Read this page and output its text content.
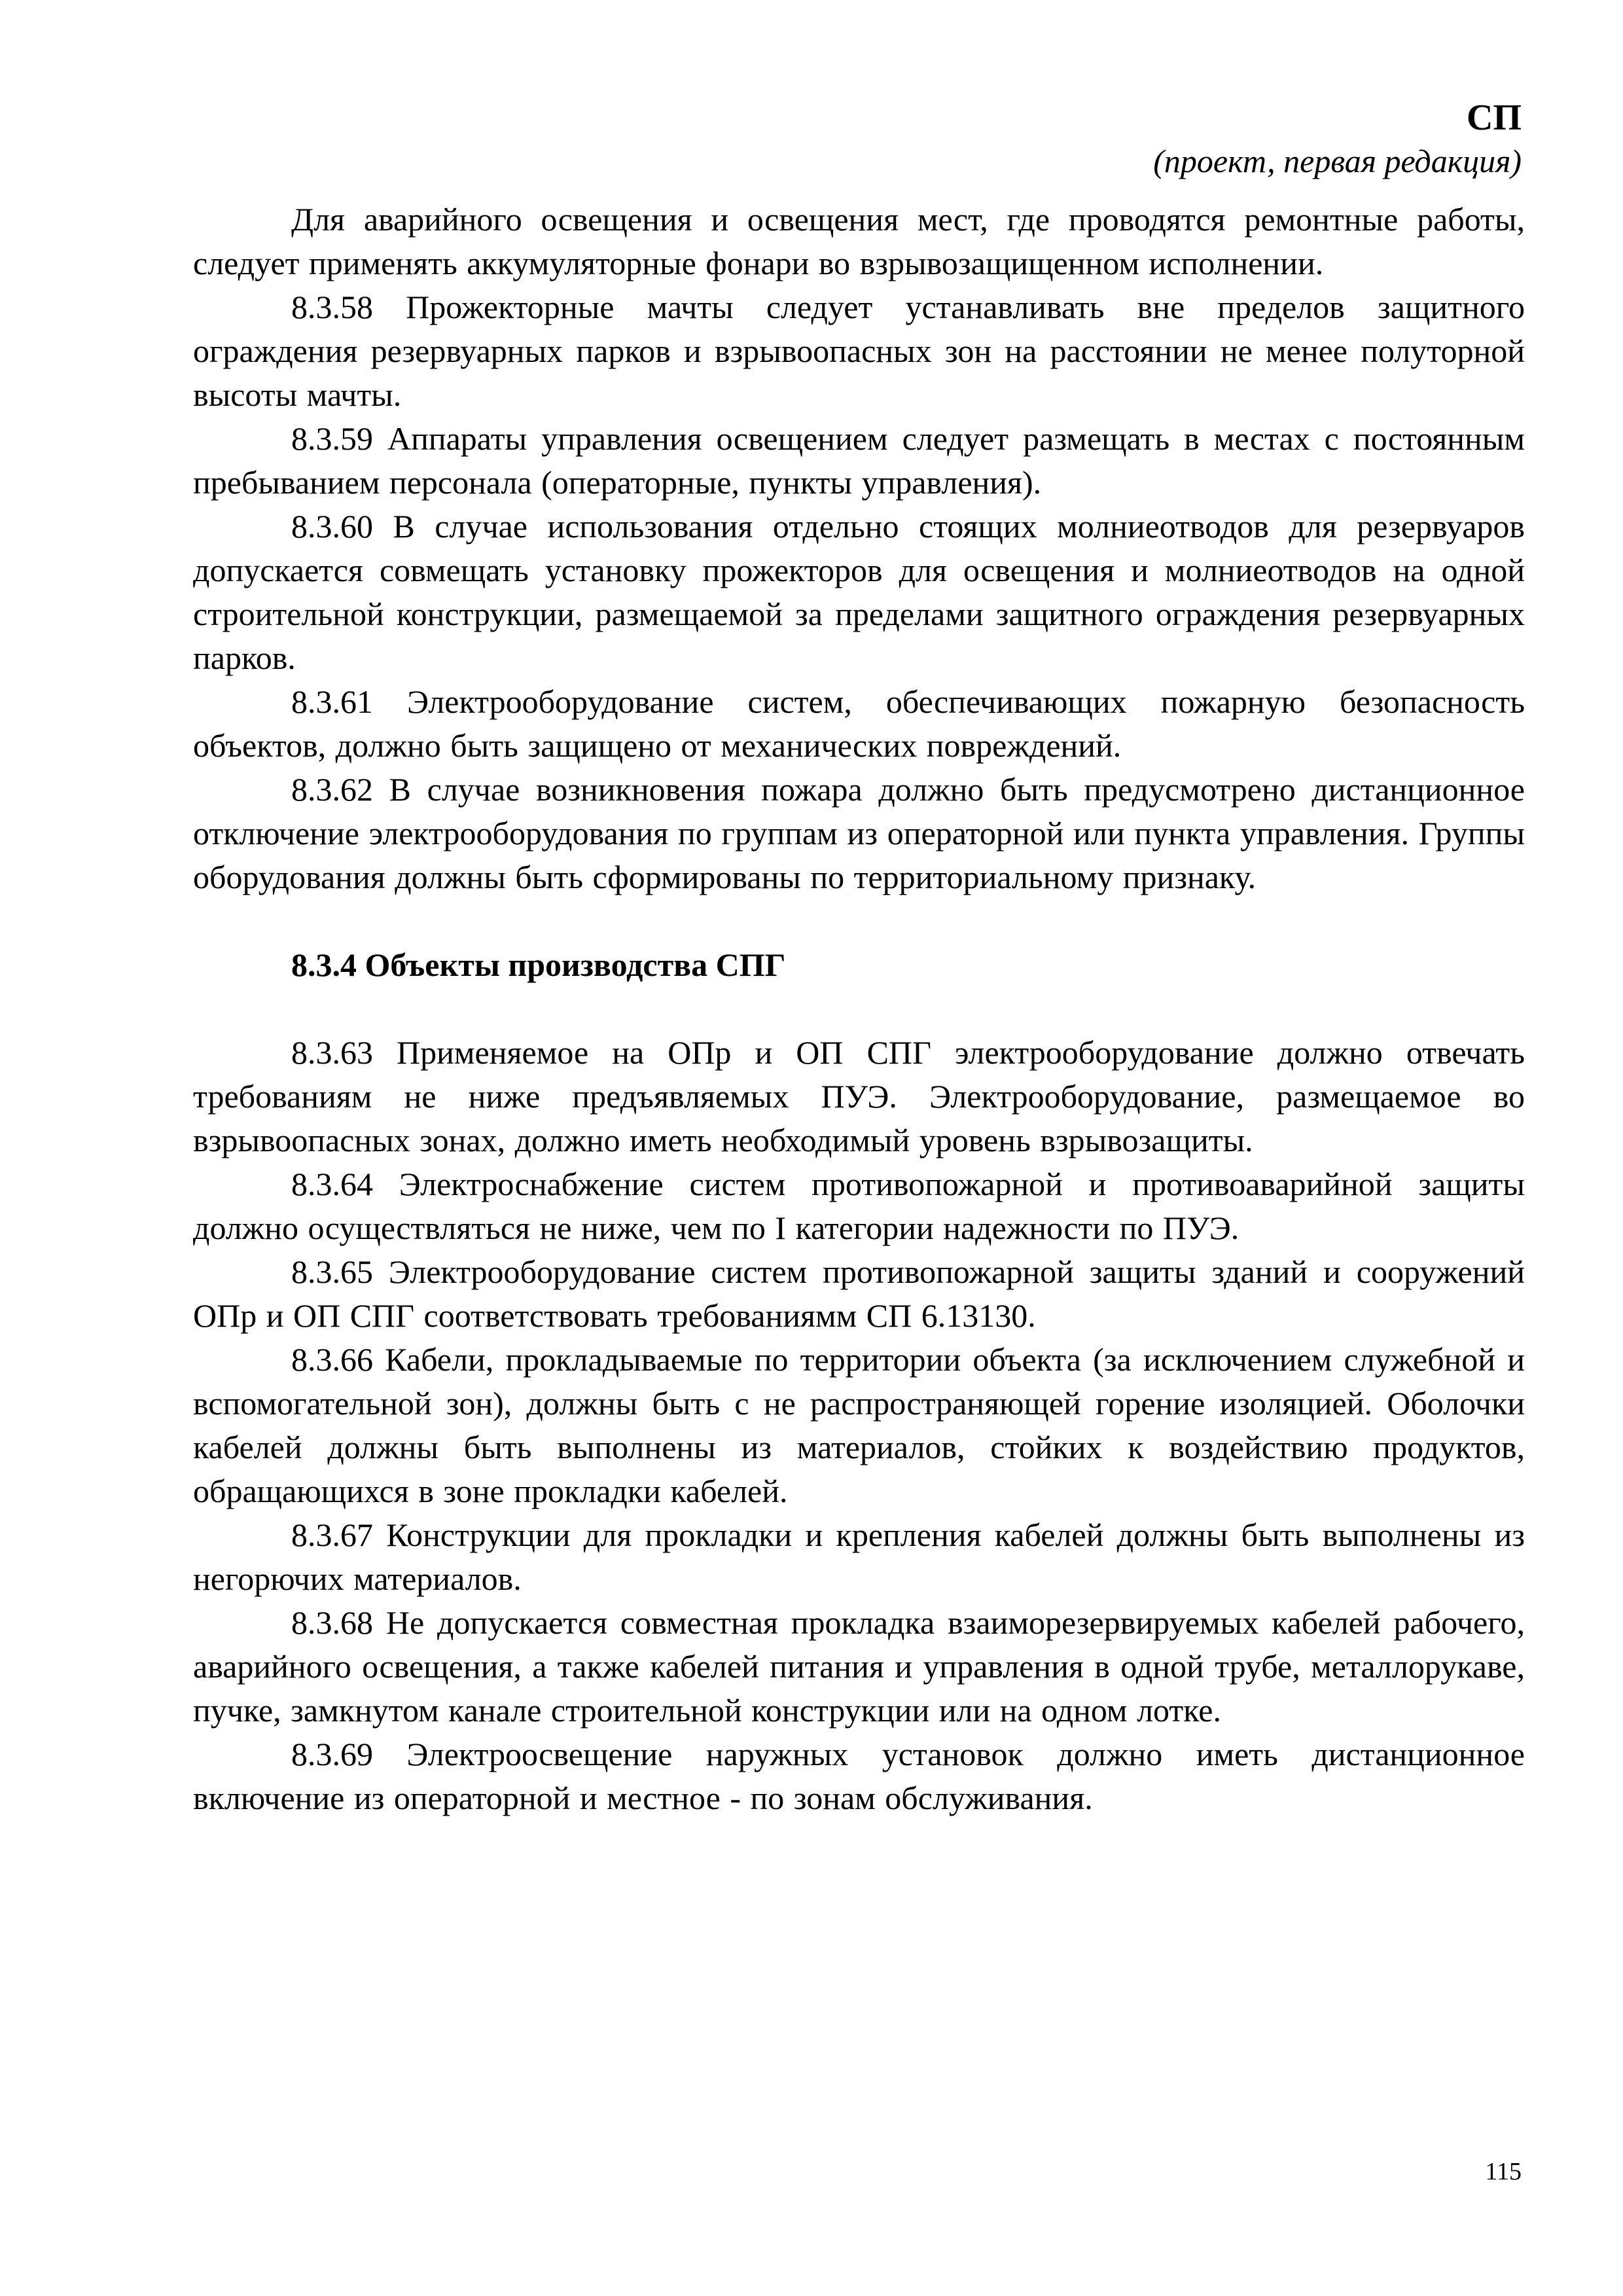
СП
(проект, первая редакция)

Для аварийного освещения и освещения мест, где проводятся ремонтные работы, следует применять аккумуляторные фонари во взрывозащищенном исполнении.

8.3.58 Прожекторные мачты следует устанавливать вне пределов защитного ограждения резервуарных парков и взрывоопасных зон на расстоянии не менее полуторной высоты мачты.

8.3.59 Аппараты управления освещением следует размещать в местах с постоянным пребыванием персонала (операторные, пункты управления).

8.3.60 В случае использования отдельно стоящих молниеотводов для резервуаров допускается совмещать установку прожекторов для освещения и молниеотводов на одной строительной конструкции, размещаемой за пределами защитного ограждения резервуарных парков.

8.3.61 Электрооборудование систем, обеспечивающих пожарную безопасность объектов, должно быть защищено от механических повреждений.

8.3.62 В случае возникновения пожара должно быть предусмотрено дистанционное отключение электрооборудования по группам из операторной или пункта управления. Группы оборудования должны быть сформированы по территориальному признаку.

8.3.4 Объекты производства СПГ

8.3.63 Применяемое на ОПр и ОП СПГ электрооборудование должно отвечать требованиям не ниже предъявляемых ПУЭ. Электрооборудование, размещаемое во взрывоопасных зонах, должно иметь необходимый уровень взрывозащиты.

8.3.64 Электроснабжение систем противопожарной и противоаварийной защиты должно осуществляться не ниже, чем по I категории надежности по ПУЭ.

8.3.65 Электрооборудование систем противопожарной защиты зданий и сооружений ОПр и ОП СПГ соответствовать требованиямм СП 6.13130.

8.3.66 Кабели, прокладываемые по территории объекта (за исключением служебной и вспомогательной зон), должны быть с не распространяющей горение изоляцией. Оболочки кабелей должны быть выполнены из материалов, стойких к воздействию продуктов, обращающихся в зоне прокладки кабелей.

8.3.67 Конструкции для прокладки и крепления кабелей должны быть выполнены из негорючих материалов.

8.3.68 Не допускается совместная прокладка взаиморезервируемых кабелей рабочего, аварийного освещения, а также кабелей питания и управления в одной трубе, металлорукаве, пучке, замкнутом канале строительной конструкции или на одном лотке.

8.3.69 Электроосвещение наружных установок должно иметь дистанционное включение из операторной и местное - по зонам обслуживания.

115
